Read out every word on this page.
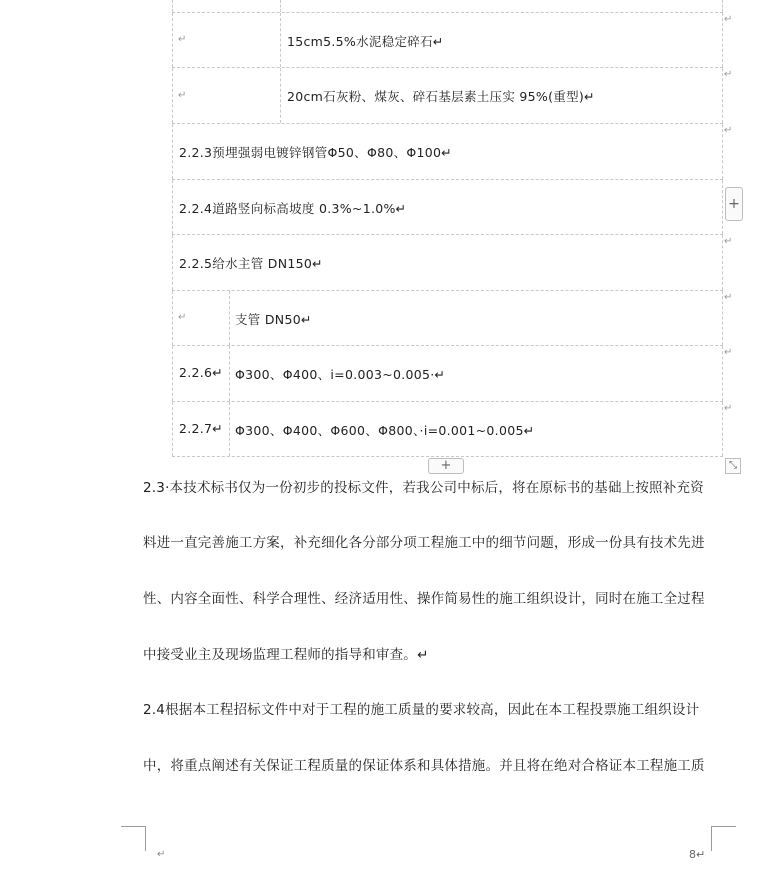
↵	15cm5.5%水泥稳定碎石↵
↵	20cm石灰粉、煤灰、碎石基层素土压实 95%(重型)↵
2.2.3预埋强弱电镀锌钢管Φ50、Φ80、Φ100↵
2.2.4道路竖向标高坡度 0.3%~1.0%↵
2.2.5给水主管 DN150↵
↵	支管 DN50↵
2.2.6↵ Φ300、Φ400、i=0.003~0.005·↵
2.2.7↵ Φ300、Φ400、Φ600、Φ800、·i=0.001~0.005↵
↵
↵
↵
↵
↵
↵
↵
+
+	⤡
2.3·本技术标书仅为一份初步的投标文件，若我公司中标后，将在原标书的基础上按照补充资
料进一直完善施工方案，补充细化各分部分项工程施工中的细节问题，形成一份具有技术先进
性、内容全面性、科学合理性、经济适用性、操作简易性的施工组织设计，同时在施工全过程
中接受业主及现场监理工程师的指导和审查。↵
2.4根据本工程招标文件中对于工程的施工质量的要求较高，因此在本工程投票施工组织设计
中，将重点阐述有关保证工程质量的保证体系和具体措施。并且将在绝对合格证本工程施工质
↵	8↵
